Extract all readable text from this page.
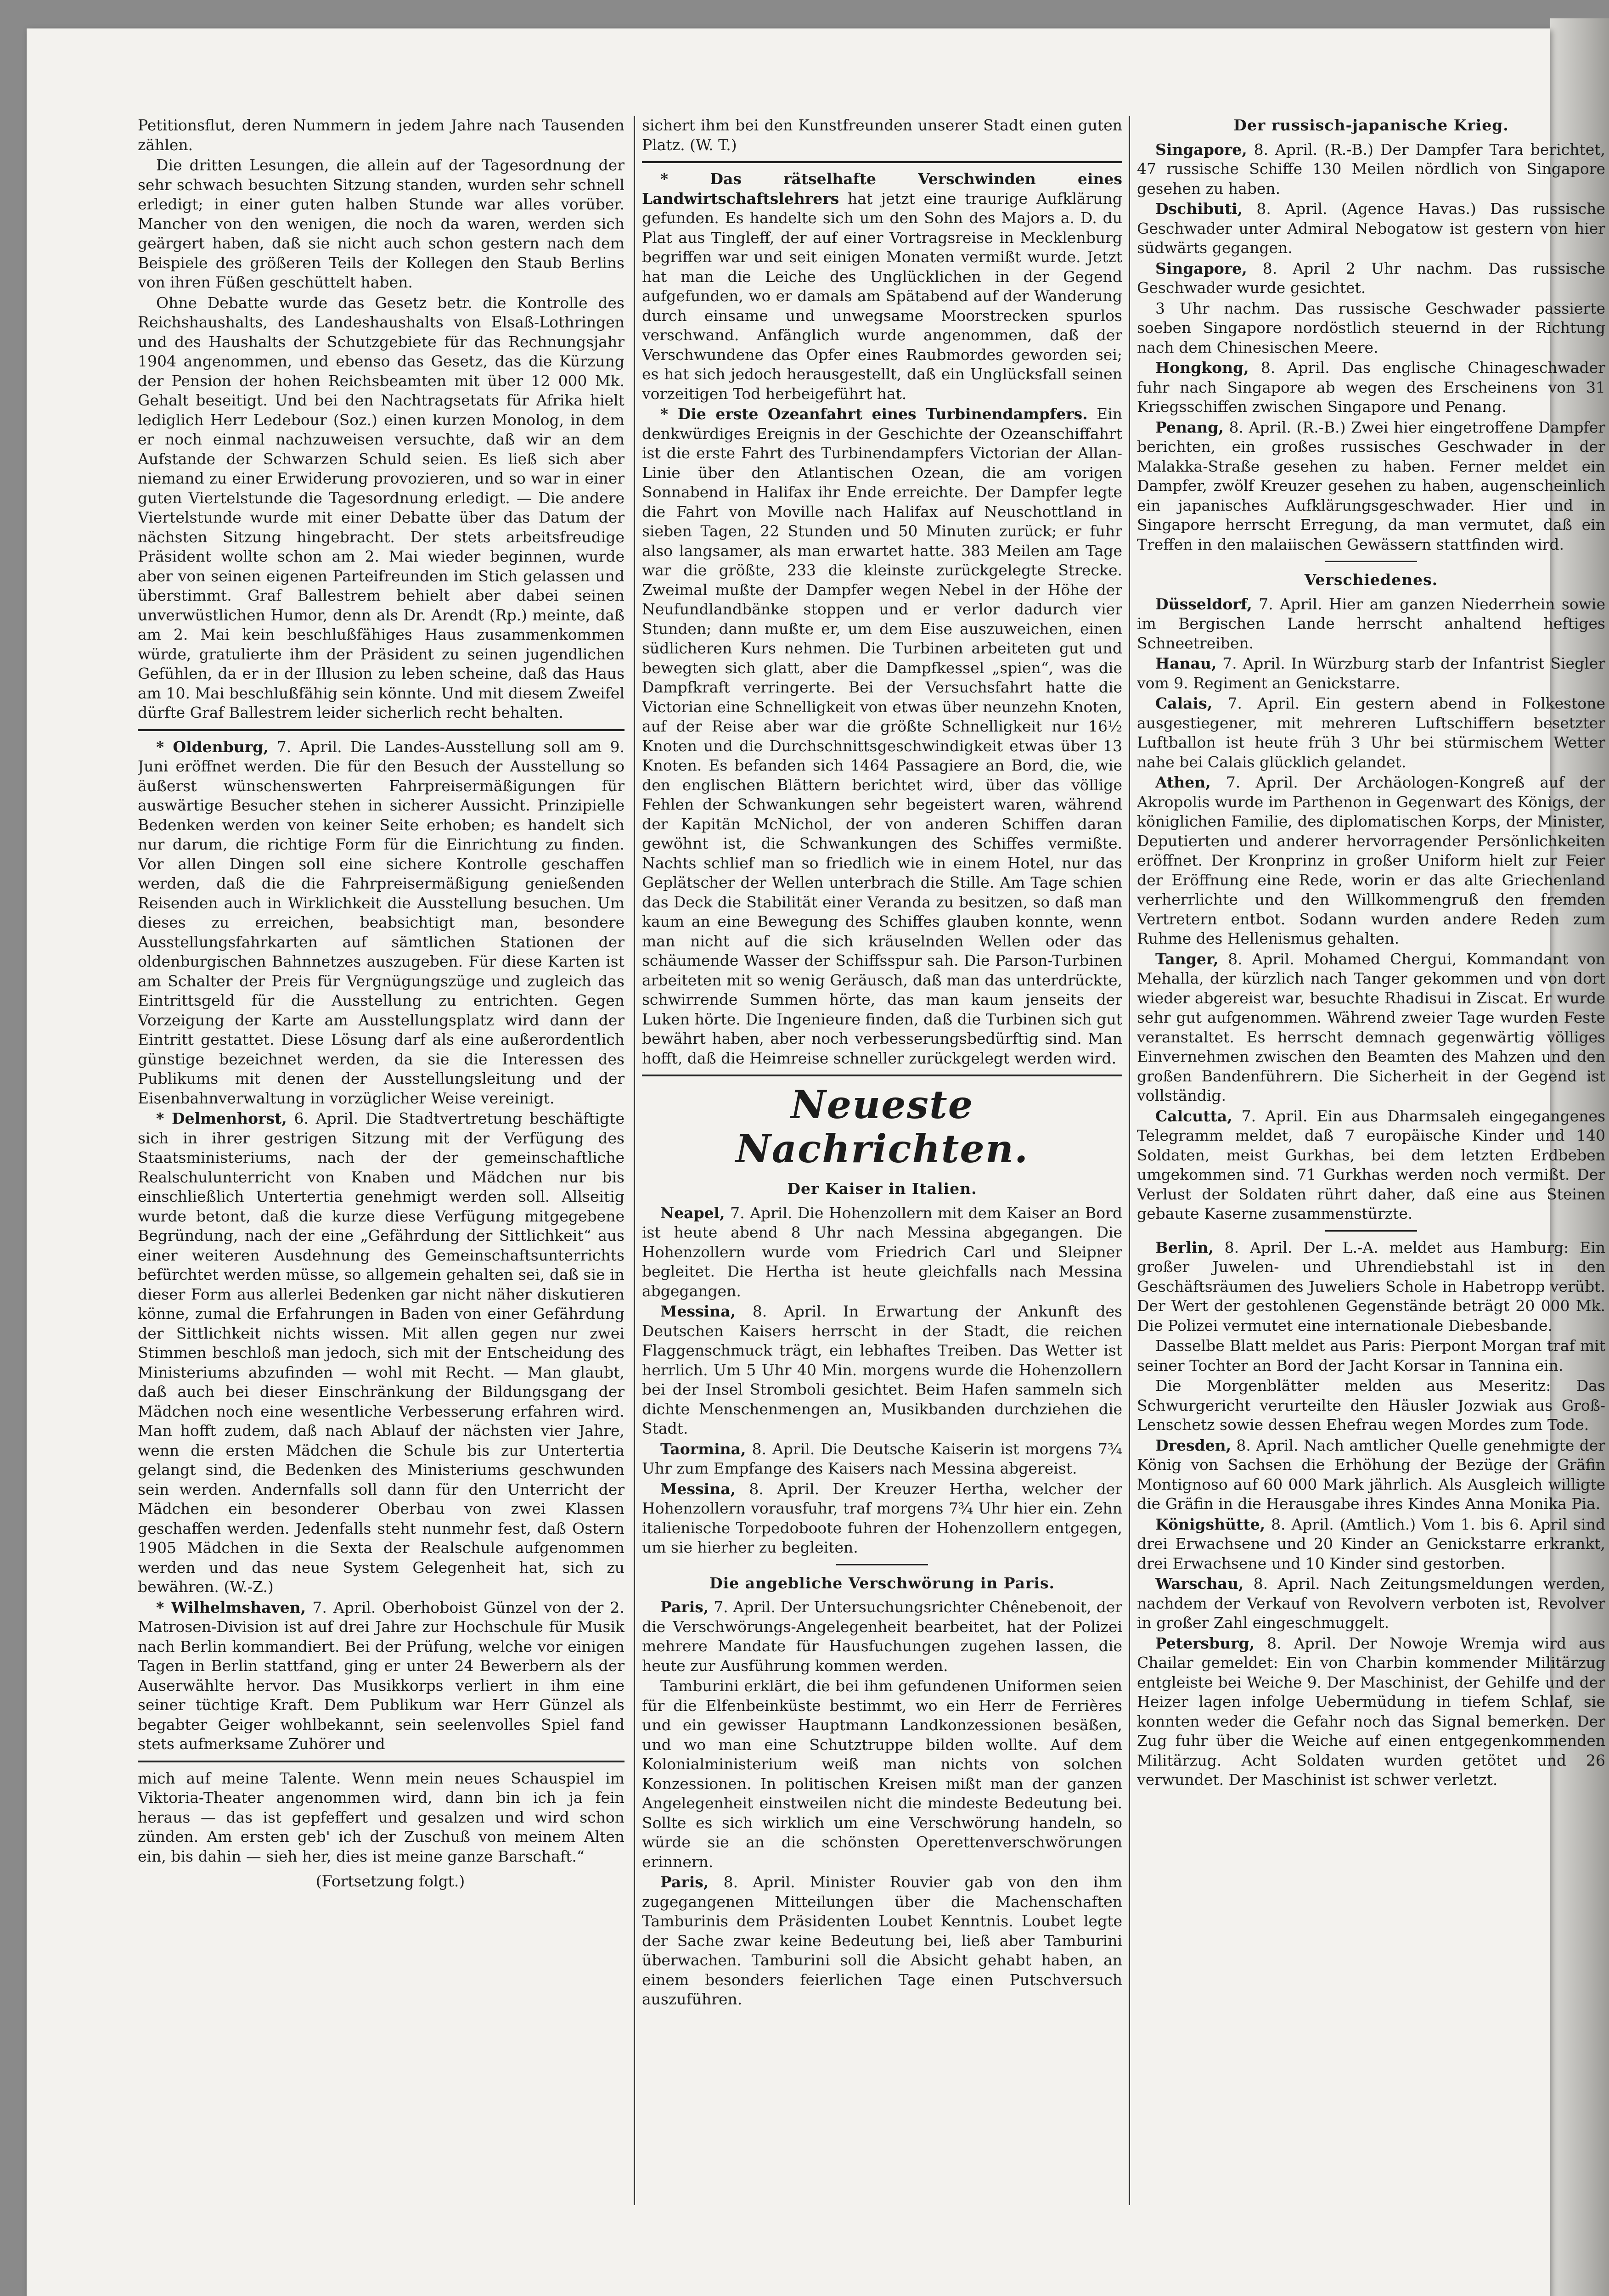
Petitionsflut, deren Nummern in jedem Jahre nach Tausenden zählen.

Die dritten Lesungen, die allein auf der Tagesordnung der sehr schwach besuchten Sitzung standen, wurden sehr schnell erledigt; in einer guten halben Stunde war alles vorüber. Mancher von den wenigen, die noch da waren, werden sich geärgert haben, daß sie nicht auch schon gestern nach dem Beispiele des größeren Teils der Kollegen den Staub Berlins von ihren Füßen geschüttelt haben.

Ohne Debatte wurde das Gesetz betr. die Kontrolle des Reichshaushalts, des Landeshaushalts von Elsaß-Lothringen und des Haushalts der Schutzgebiete für das Rechnungsjahr 1904 angenommen, und ebenso das Gesetz, das die Kürzung der Pension der hohen Reichsbeamten mit über 12 000 Mk. Gehalt beseitigt. Und bei den Nachtragsetats für Afrika hielt lediglich Herr Ledebour (Soz.) einen kurzen Monolog, in dem er noch einmal nachzuweisen versuchte, daß wir an dem Aufstande der Schwarzen Schuld seien. Es ließ sich aber niemand zu einer Erwiderung provozieren, und so war in einer guten Viertelstunde die Tagesordnung erledigt. — Die andere Viertelstunde wurde mit einer Debatte über das Datum der nächsten Sitzung hingebracht. Der stets arbeitsfreudige Präsident wollte schon am 2. Mai wieder beginnen, wurde aber von seinen eigenen Parteifreunden im Stich gelassen und überstimmt. Graf Ballestrem behielt aber dabei seinen unverwüstlichen Humor, denn als Dr. Arendt (Rp.) meinte, daß am 2. Mai kein beschlußfähiges Haus zusammenkommen würde, gratulierte ihm der Präsident zu seinen jugendlichen Gefühlen, da er in der Illusion zu leben scheine, daß das Haus am 10. Mai beschlußfähig sein könnte. Und mit diesem Zweifel dürfte Graf Ballestrem leider sicherlich recht behalten.

* Oldenburg, 7. April. Die Landes-Ausstellung soll am 9. Juni eröffnet werden. Die für den Besuch der Ausstellung so äußerst wünschenswerten Fahrpreisermäßigungen für auswärtige Besucher stehen in sicherer Aussicht. Prinzipielle Bedenken werden von keiner Seite erhoben; es handelt sich nur darum, die richtige Form für die Einrichtung zu finden. Vor allen Dingen soll eine sichere Kontrolle geschaffen werden, daß die die Fahrpreisermäßigung genießenden Reisenden auch in Wirklichkeit die Ausstellung besuchen. Um dieses zu erreichen, beabsichtigt man, besondere Ausstellungsfahrkarten auf sämtlichen Stationen der oldenburgischen Bahnnetzes auszugeben. Für diese Karten ist am Schalter der Preis für Vergnügungszüge und zugleich das Eintrittsgeld für die Ausstellung zu entrichten. Gegen Vorzeigung der Karte am Ausstellungsplatz wird dann der Eintritt gestattet. Diese Lösung darf als eine außerordentlich günstige bezeichnet werden, da sie die Interessen des Publikums mit denen der Ausstellungsleitung und der Eisenbahnverwaltung in vorzüglicher Weise vereinigt.

* Delmenhorst, 6. April. Die Stadtvertretung beschäftigte sich in ihrer gestrigen Sitzung mit der Verfügung des Staatsministeriums, nach der der gemeinschaftliche Realschulunterricht von Knaben und Mädchen nur bis einschließlich Untertertia genehmigt werden soll. Allseitig wurde betont, daß die kurze diese Verfügung mitgegebene Begründung, nach der eine „Gefährdung der Sittlichkeit“ aus einer weiteren Ausdehnung des Gemeinschaftsunterrichts befürchtet werden müsse, so allgemein gehalten sei, daß sie in dieser Form aus allerlei Bedenken gar nicht näher diskutieren könne, zumal die Erfahrungen in Baden von einer Gefährdung der Sittlichkeit nichts wissen. Mit allen gegen nur zwei Stimmen beschloß man jedoch, sich mit der Entscheidung des Ministeriums abzufinden — wohl mit Recht. — Man glaubt, daß auch bei dieser Einschränkung der Bildungsgang der Mädchen noch eine wesentliche Verbesserung erfahren wird. Man hofft zudem, daß nach Ablauf der nächsten vier Jahre, wenn die ersten Mädchen die Schule bis zur Untertertia gelangt sind, die Bedenken des Ministeriums geschwunden sein werden. Andernfalls soll dann für den Unterricht der Mädchen ein besonderer Oberbau von zwei Klassen geschaffen werden. Jedenfalls steht nunmehr fest, daß Ostern 1905 Mädchen in die Sexta der Realschule aufgenommen werden und das neue System Gelegenheit hat, sich zu bewähren. (W.-Z.)

* Wilhelmshaven, 7. April. Oberhoboist Günzel von der 2. Matrosen-Division ist auf drei Jahre zur Hochschule für Musik nach Berlin kommandiert. Bei der Prüfung, welche vor einigen Tagen in Berlin stattfand, ging er unter 24 Bewerbern als der Auserwählte hervor. Das Musikkorps verliert in ihm eine seiner tüchtige Kraft. Dem Publikum war Herr Günzel als begabter Geiger wohlbekannt, sein seelenvolles Spiel fand stets aufmerksame Zuhörer und

mich auf meine Talente. Wenn mein neues Schauspiel im Viktoria-Theater angenommen wird, dann bin ich ja fein heraus — das ist gepfeffert und gesalzen und wird schon zünden. Am ersten geb' ich der Zuschuß von meinem Alten ein, bis dahin — sieh her, dies ist meine ganze Barschaft.“

(Fortsetzung folgt.)

sichert ihm bei den Kunstfreunden unserer Stadt einen guten Platz. (W. T.)

* Das rätselhafte Verschwinden eines Landwirtschaftslehrers hat jetzt eine traurige Aufklärung gefunden. Es handelte sich um den Sohn des Majors a. D. du Plat aus Tingleff, der auf einer Vortragsreise in Mecklenburg begriffen war und seit einigen Monaten vermißt wurde. Jetzt hat man die Leiche des Unglücklichen in der Gegend aufgefunden, wo er damals am Spätabend auf der Wanderung durch einsame und unwegsame Moorstrecken spurlos verschwand. Anfänglich wurde angenommen, daß der Verschwundene das Opfer eines Raubmordes geworden sei; es hat sich jedoch herausgestellt, daß ein Unglücksfall seinen vorzeitigen Tod herbeigeführt hat.

* Die erste Ozeanfahrt eines Turbinendampfers. Ein denkwürdiges Ereignis in der Geschichte der Ozeanschiffahrt ist die erste Fahrt des Turbinendampfers Victorian der Allan-Linie über den Atlantischen Ozean, die am vorigen Sonnabend in Halifax ihr Ende erreichte. Der Dampfer legte die Fahrt von Moville nach Halifax auf Neuschottland in sieben Tagen, 22 Stunden und 50 Minuten zurück; er fuhr also langsamer, als man erwartet hatte. 383 Meilen am Tage war die größte, 233 die kleinste zurückgelegte Strecke. Zweimal mußte der Dampfer wegen Nebel in der Höhe der Neufundlandbänke stoppen und er verlor dadurch vier Stunden; dann mußte er, um dem Eise auszuweichen, einen südlicheren Kurs nehmen. Die Turbinen arbeiteten gut und bewegten sich glatt, aber die Dampfkessel „spien“, was die Dampfkraft verringerte. Bei der Versuchsfahrt hatte die Victorian eine Schnelligkeit von etwas über neunzehn Knoten, auf der Reise aber war die größte Schnelligkeit nur 16½ Knoten und die Durchschnittsgeschwindigkeit etwas über 13 Knoten. Es befanden sich 1464 Passagiere an Bord, die, wie den englischen Blättern berichtet wird, über das völlige Fehlen der Schwankungen sehr begeistert waren, während der Kapitän McNichol, der von anderen Schiffen daran gewöhnt ist, die Schwankungen des Schiffes vermißte. Nachts schlief man so friedlich wie in einem Hotel, nur das Geplätscher der Wellen unterbrach die Stille. Am Tage schien das Deck die Stabilität einer Veranda zu besitzen, so daß man kaum an eine Bewegung des Schiffes glauben konnte, wenn man nicht auf die sich kräuselnden Wellen oder das schäumende Wasser der Schiffsspur sah. Die Parson-Turbinen arbeiteten mit so wenig Geräusch, daß man das unterdrückte, schwirrende Summen hörte, das man kaum jenseits der Luken hörte. Die Ingenieure finden, daß die Turbinen sich gut bewährt haben, aber noch verbesserungsbedürftig sind. Man hofft, daß die Heimreise schneller zurückgelegt werden wird.

Neueste Nachrichten.
Der Kaiser in Italien.

Neapel, 7. April. Die Hohenzollern mit dem Kaiser an Bord ist heute abend 8 Uhr nach Messina abgegangen. Die Hohenzollern wurde vom Friedrich Carl und Sleipner begleitet. Die Hertha ist heute gleichfalls nach Messina abgegangen.

Messina, 8. April. In Erwartung der Ankunft des Deutschen Kaisers herrscht in der Stadt, die reichen Flaggenschmuck trägt, ein lebhaftes Treiben. Das Wetter ist herrlich. Um 5 Uhr 40 Min. morgens wurde die Hohenzollern bei der Insel Stromboli gesichtet. Beim Hafen sammeln sich dichte Menschenmengen an, Musikbanden durchziehen die Stadt.

Taormina, 8. April. Die Deutsche Kaiserin ist morgens 7¾ Uhr zum Empfange des Kaisers nach Messina abgereist.

Messina, 8. April. Der Kreuzer Hertha, welcher der Hohenzollern vorausfuhr, traf morgens 7¾ Uhr hier ein. Zehn italienische Torpedoboote fuhren der Hohenzollern entgegen, um sie hierher zu begleiten.

Die angebliche Verschwörung in Paris.

Paris, 7. April. Der Untersuchungsrichter Chênebenoit, der die Verschwörungs-Angelegenheit bearbeitet, hat der Polizei mehrere Mandate für Hausfuchungen zugehen lassen, die heute zur Ausführung kommen werden.

Tamburini erklärt, die bei ihm gefundenen Uniformen seien für die Elfenbeinküste bestimmt, wo ein Herr de Ferrières und ein gewisser Hauptmann Landkonzessionen besäßen, und wo man eine Schutztruppe bilden wollte. Auf dem Kolonialministerium weiß man nichts von solchen Konzessionen. In politischen Kreisen mißt man der ganzen Angelegenheit einstweilen nicht die mindeste Bedeutung bei. Sollte es sich wirklich um eine Verschwörung handeln, so würde sie an die schönsten Operettenverschwörungen erinnern.

Paris, 8. April. Minister Rouvier gab von den ihm zugegangenen Mitteilungen über die Machenschaften Tamburinis dem Präsidenten Loubet Kenntnis. Loubet legte der Sache zwar keine Bedeutung bei, ließ aber Tamburini überwachen. Tamburini soll die Absicht gehabt haben, an einem besonders feierlichen Tage einen Putschversuch auszuführen.

Der russisch-japanische Krieg.

Singapore, 8. April. (R.-B.) Der Dampfer Tara berichtet, 47 russische Schiffe 130 Meilen nördlich von Singapore gesehen zu haben.

Dschibuti, 8. April. (Agence Havas.) Das russische Geschwader unter Admiral Nebogatow ist gestern von hier südwärts gegangen.

Singapore, 8. April 2 Uhr nachm. Das russische Geschwader wurde gesichtet.

3 Uhr nachm. Das russische Geschwader passierte soeben Singapore nordöstlich steuernd in der Richtung nach dem Chinesischen Meere.

Hongkong, 8. April. Das englische Chinageschwader fuhr nach Singapore ab wegen des Erscheinens von 31 Kriegsschiffen zwischen Singapore und Penang.

Penang, 8. April. (R.-B.) Zwei hier eingetroffene Dampfer berichten, ein großes russisches Geschwader in der Malakka-Straße gesehen zu haben. Ferner meldet ein Dampfer, zwölf Kreuzer gesehen zu haben, augenscheinlich ein japanisches Aufklärungsgeschwader. Hier und in Singapore herrscht Erregung, da man vermutet, daß ein Treffen in den malaiischen Gewässern stattfinden wird.

Verschiedenes.

Düsseldorf, 7. April. Hier am ganzen Niederrhein sowie im Bergischen Lande herrscht anhaltend heftiges Schneetreiben.

Hanau, 7. April. In Würzburg starb der Infantrist Siegler vom 9. Regiment an Genickstarre.

Calais, 7. April. Ein gestern abend in Folkestone ausgestiegener, mit mehreren Luftschiffern besetzter Luftballon ist heute früh 3 Uhr bei stürmischem Wetter nahe bei Calais glücklich gelandet.

Athen, 7. April. Der Archäologen-Kongreß auf der Akropolis wurde im Parthenon in Gegenwart des Königs, der königlichen Familie, des diplomatischen Korps, der Minister, Deputierten und anderer hervorragender Persönlichkeiten eröffnet. Der Kronprinz in großer Uniform hielt zur Feier der Eröffnung eine Rede, worin er das alte Griechenland verherrlichte und den Willkommengruß den fremden Vertretern entbot. Sodann wurden andere Reden zum Ruhme des Hellenismus gehalten.

Tanger, 8. April. Mohamed Chergui, Kommandant von Mehalla, der kürzlich nach Tanger gekommen und von dort wieder abgereist war, besuchte Rhadisui in Ziscat. Er wurde sehr gut aufgenommen. Während zweier Tage wurden Feste veranstaltet. Es herrscht demnach gegenwärtig völliges Einvernehmen zwischen den Beamten des Mahzen und den großen Bandenführern. Die Sicherheit in der Gegend ist vollständig.

Calcutta, 7. April. Ein aus Dharmsaleh eingegangenes Telegramm meldet, daß 7 europäische Kinder und 140 Soldaten, meist Gurkhas, bei dem letzten Erdbeben umgekommen sind. 71 Gurkhas werden noch vermißt. Der Verlust der Soldaten rührt daher, daß eine aus Steinen gebaute Kaserne zusammenstürzte.

Berlin, 8. April. Der L.-A. meldet aus Hamburg: Ein großer Juwelen- und Uhrendiebstahl ist in den Geschäftsräumen des Juweliers Schole in Habetropp verübt. Der Wert der gestohlenen Gegenstände beträgt 20 000 Mk. Die Polizei vermutet eine internationale Diebesbande.

Dasselbe Blatt meldet aus Paris: Pierpont Morgan traf mit seiner Tochter an Bord der Jacht Korsar in Tannina ein.

Die Morgenblätter melden aus Meseritz: Das Schwurgericht verurteilte den Häusler Jozwiak aus Groß-Lenschetz sowie dessen Ehefrau wegen Mordes zum Tode.

Dresden, 8. April. Nach amtlicher Quelle genehmigte der König von Sachsen die Erhöhung der Bezüge der Gräfin Montignoso auf 60 000 Mark jährlich. Als Ausgleich willigte die Gräfin in die Herausgabe ihres Kindes Anna Monika Pia.

Königshütte, 8. April. (Amtlich.) Vom 1. bis 6. April sind drei Erwachsene und 20 Kinder an Genickstarre erkrankt, drei Erwachsene und 10 Kinder sind gestorben.

Warschau, 8. April. Nach Zeitungsmeldungen werden, nachdem der Verkauf von Revolvern verboten ist, Revolver in großer Zahl eingeschmuggelt.

Petersburg, 8. April. Der Nowoje Wremja wird aus Chailar gemeldet: Ein von Charbin kommender Militärzug entgleiste bei Weiche 9. Der Maschinist, der Gehilfe und der Heizer lagen infolge Uebermüdung in tiefem Schlaf, sie konnten weder die Gefahr noch das Signal bemerken. Der Zug fuhr über die Weiche auf einen entgegenkommenden Militärzug. Acht Soldaten wurden getötet und 26 verwundet. Der Maschinist ist schwer verletzt.
